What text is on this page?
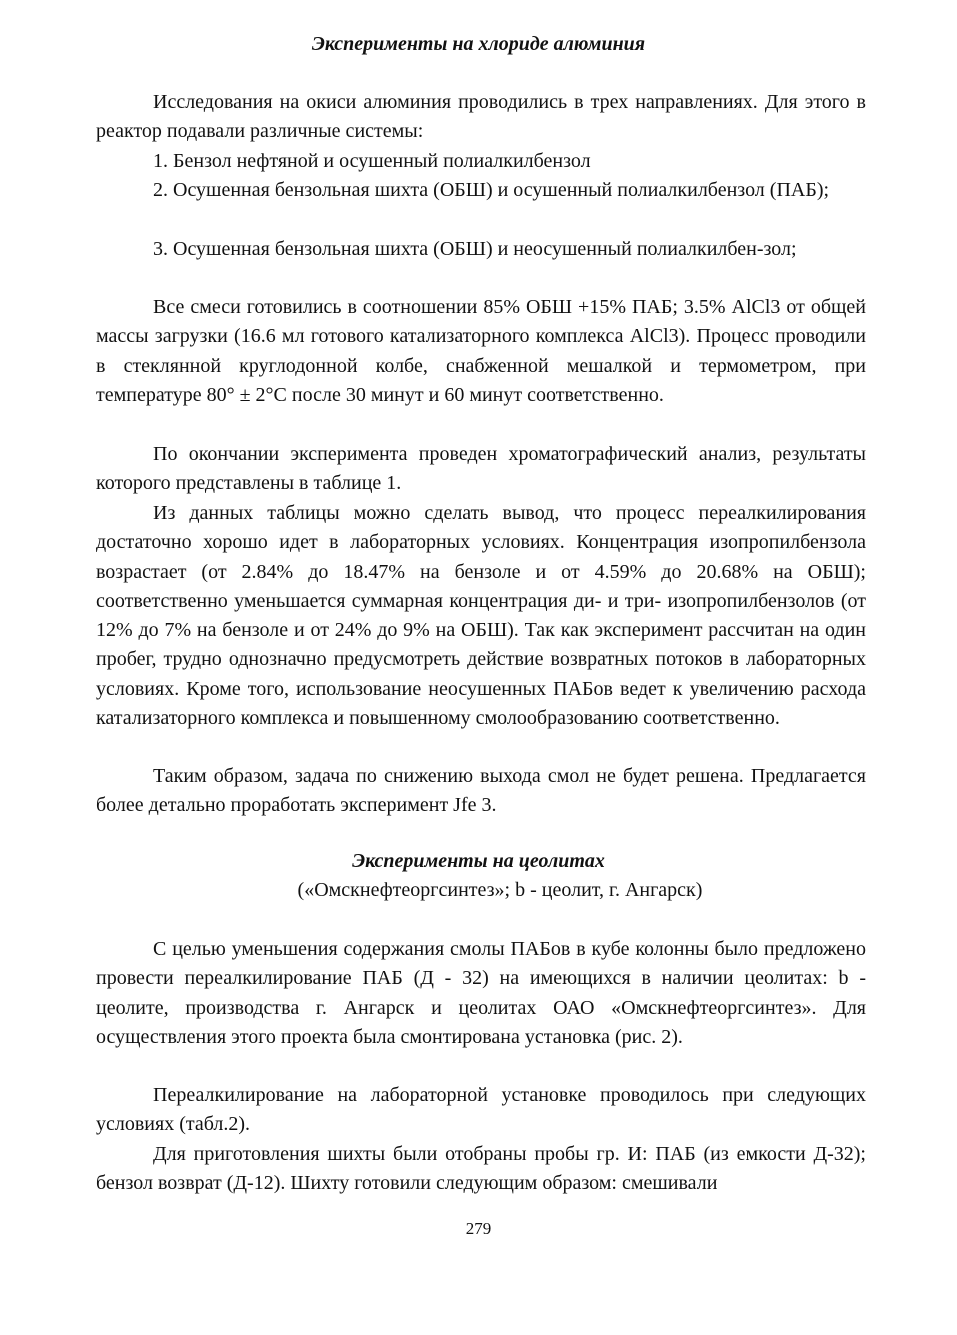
Эксперименты на хлориде алюминия

Исследования на окиси алюминия проводились в трех направлениях. Для этого в реактор подавали различные системы:

1. Бензол нефтяной и осушенный полиалкилбензол

2. Осушенная бензольная шихта (ОБШ) и осушенный полиалкилбензол (ПАБ);

3. Осушенная бензольная шихта (ОБШ) и неосушенный полиалкилбен-зол;

Все смеси готовились в соотношении 85% ОБШ +15% ПАБ; 3.5% AlCl3 от общей массы загрузки (16.6 мл готового катализаторного комплекса AlCl3). Процесс проводили в стеклянной круглодонной колбе, снабженной мешалкой и термометром, при температуре 80° ± 2°С после 30 минут и 60 минут соответственно.

По окончании эксперимента проведен хроматографический анализ, результаты которого представлены в таблице 1.

Из данных таблицы можно сделать вывод, что процесс переалкилирования достаточно хорошо идет в лабораторных условиях. Концентрация изопропилбензола возрастает (от 2.84% до 18.47% на бензоле и от 4.59% до 20.68% на ОБШ); соответственно уменьшается суммарная концентрация ди- и три- изопропилбензолов (от 12% до 7% на бензоле и от 24% до 9% на ОБШ). Так как эксперимент рассчитан на один пробег, трудно однозначно предусмотреть действие возвратных потоков в лабораторных условиях. Кроме того, использование неосушенных ПАБов ведет к увеличению расхода катализаторного комплекса и повышенному смолообразованию соответственно.

Таким образом, задача по снижению выхода смол не будет решена. Предлагается более детально проработать эксперимент Jfe 3.

Эксперименты на цеолитах
(«Омскнефтеоргсинтез»; b - цеолит, г. Ангарск)

С целью уменьшения содержания смолы ПАБов в кубе колонны было предложено провести переалкилирование ПАБ (Д - 32) на имеющихся в наличии цеолитах: b - цеолите, производства г. Ангарск и цеолитах ОАО «Омскнефтеоргсинтез». Для осуществления этого проекта была смонтирована установка (рис. 2).

Переалкилирование на лабораторной установке проводилось при следующих условиях (табл.2).

Для приготовления шихты были отобраны пробы гр. И: ПАБ (из емкости Д-32); бензол возврат (Д-12). Шихту готовили следующим образом: смешивали

279
